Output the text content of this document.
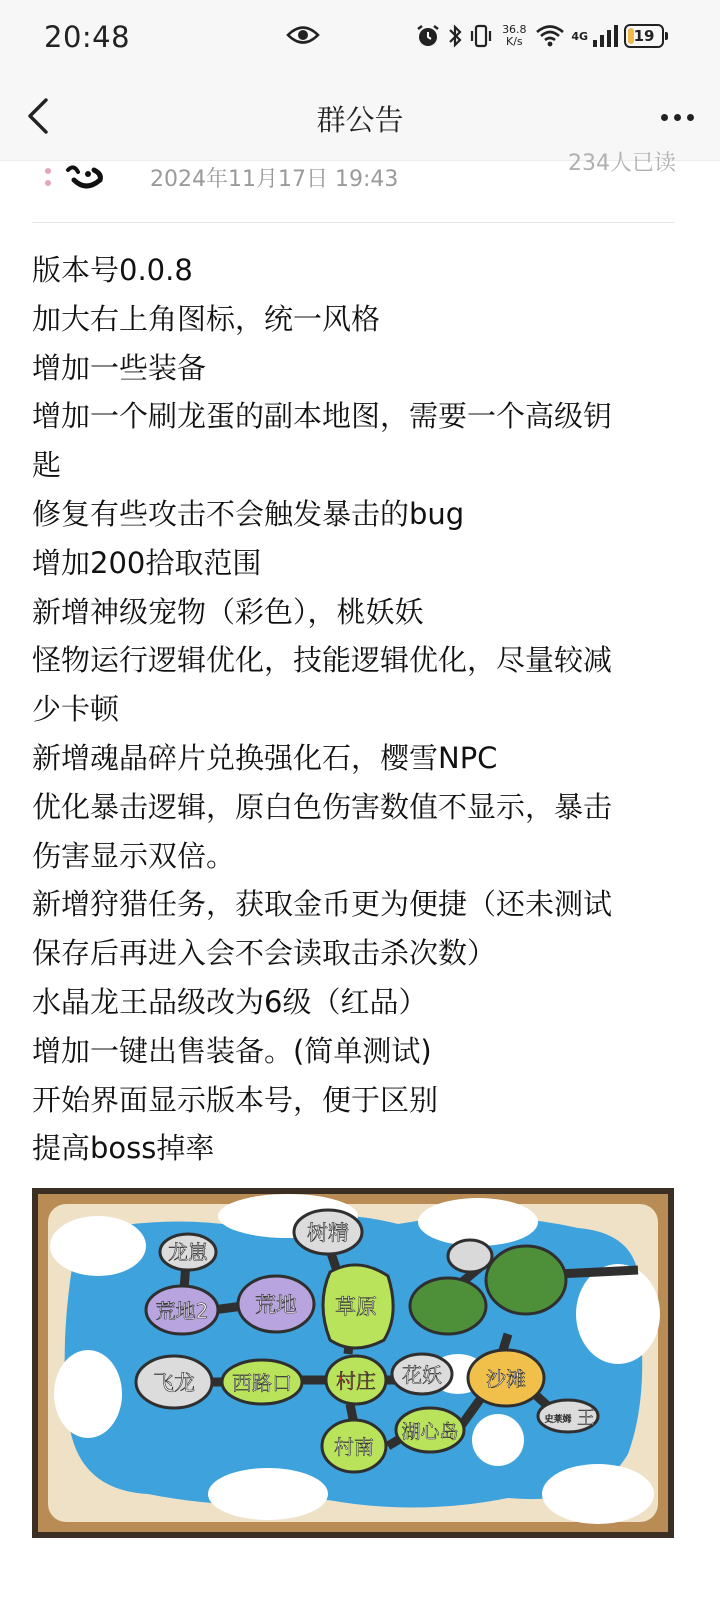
20:48	36.8
K/s	4G	19
群公告
2024年11月17日 19:43
234人已读
版本号0.0.8
加大右上角图标，统一风格
增加一些装备
增加一个刷龙蛋的副本地图，需要一个高级钥
匙
修复有些攻击不会触发暴击的bug
增加200拾取范围
新增神级宠物（彩色），桃妖妖
怪物运行逻辑优化，技能逻辑优化，尽量较减
少卡顿
新增魂晶碎片兑换强化石，樱雪NPC
优化暴击逻辑，原白色伤害数值不显示，暴击
伤害显示双倍。
新增狩猎任务，获取金币更为便捷（还未测试
保存后再进入会不会读取击杀次数）
水晶龙王品级改为6级（红品）
增加一键出售装备。(简单测试)
开始界面显示版本号，便于区别
提高boss掉率
树精
龙崽
荒地2 荒地 草原
飞龙 西路口 村庄 花妖 沙滩
史莱姆 王
湖心岛
村南
